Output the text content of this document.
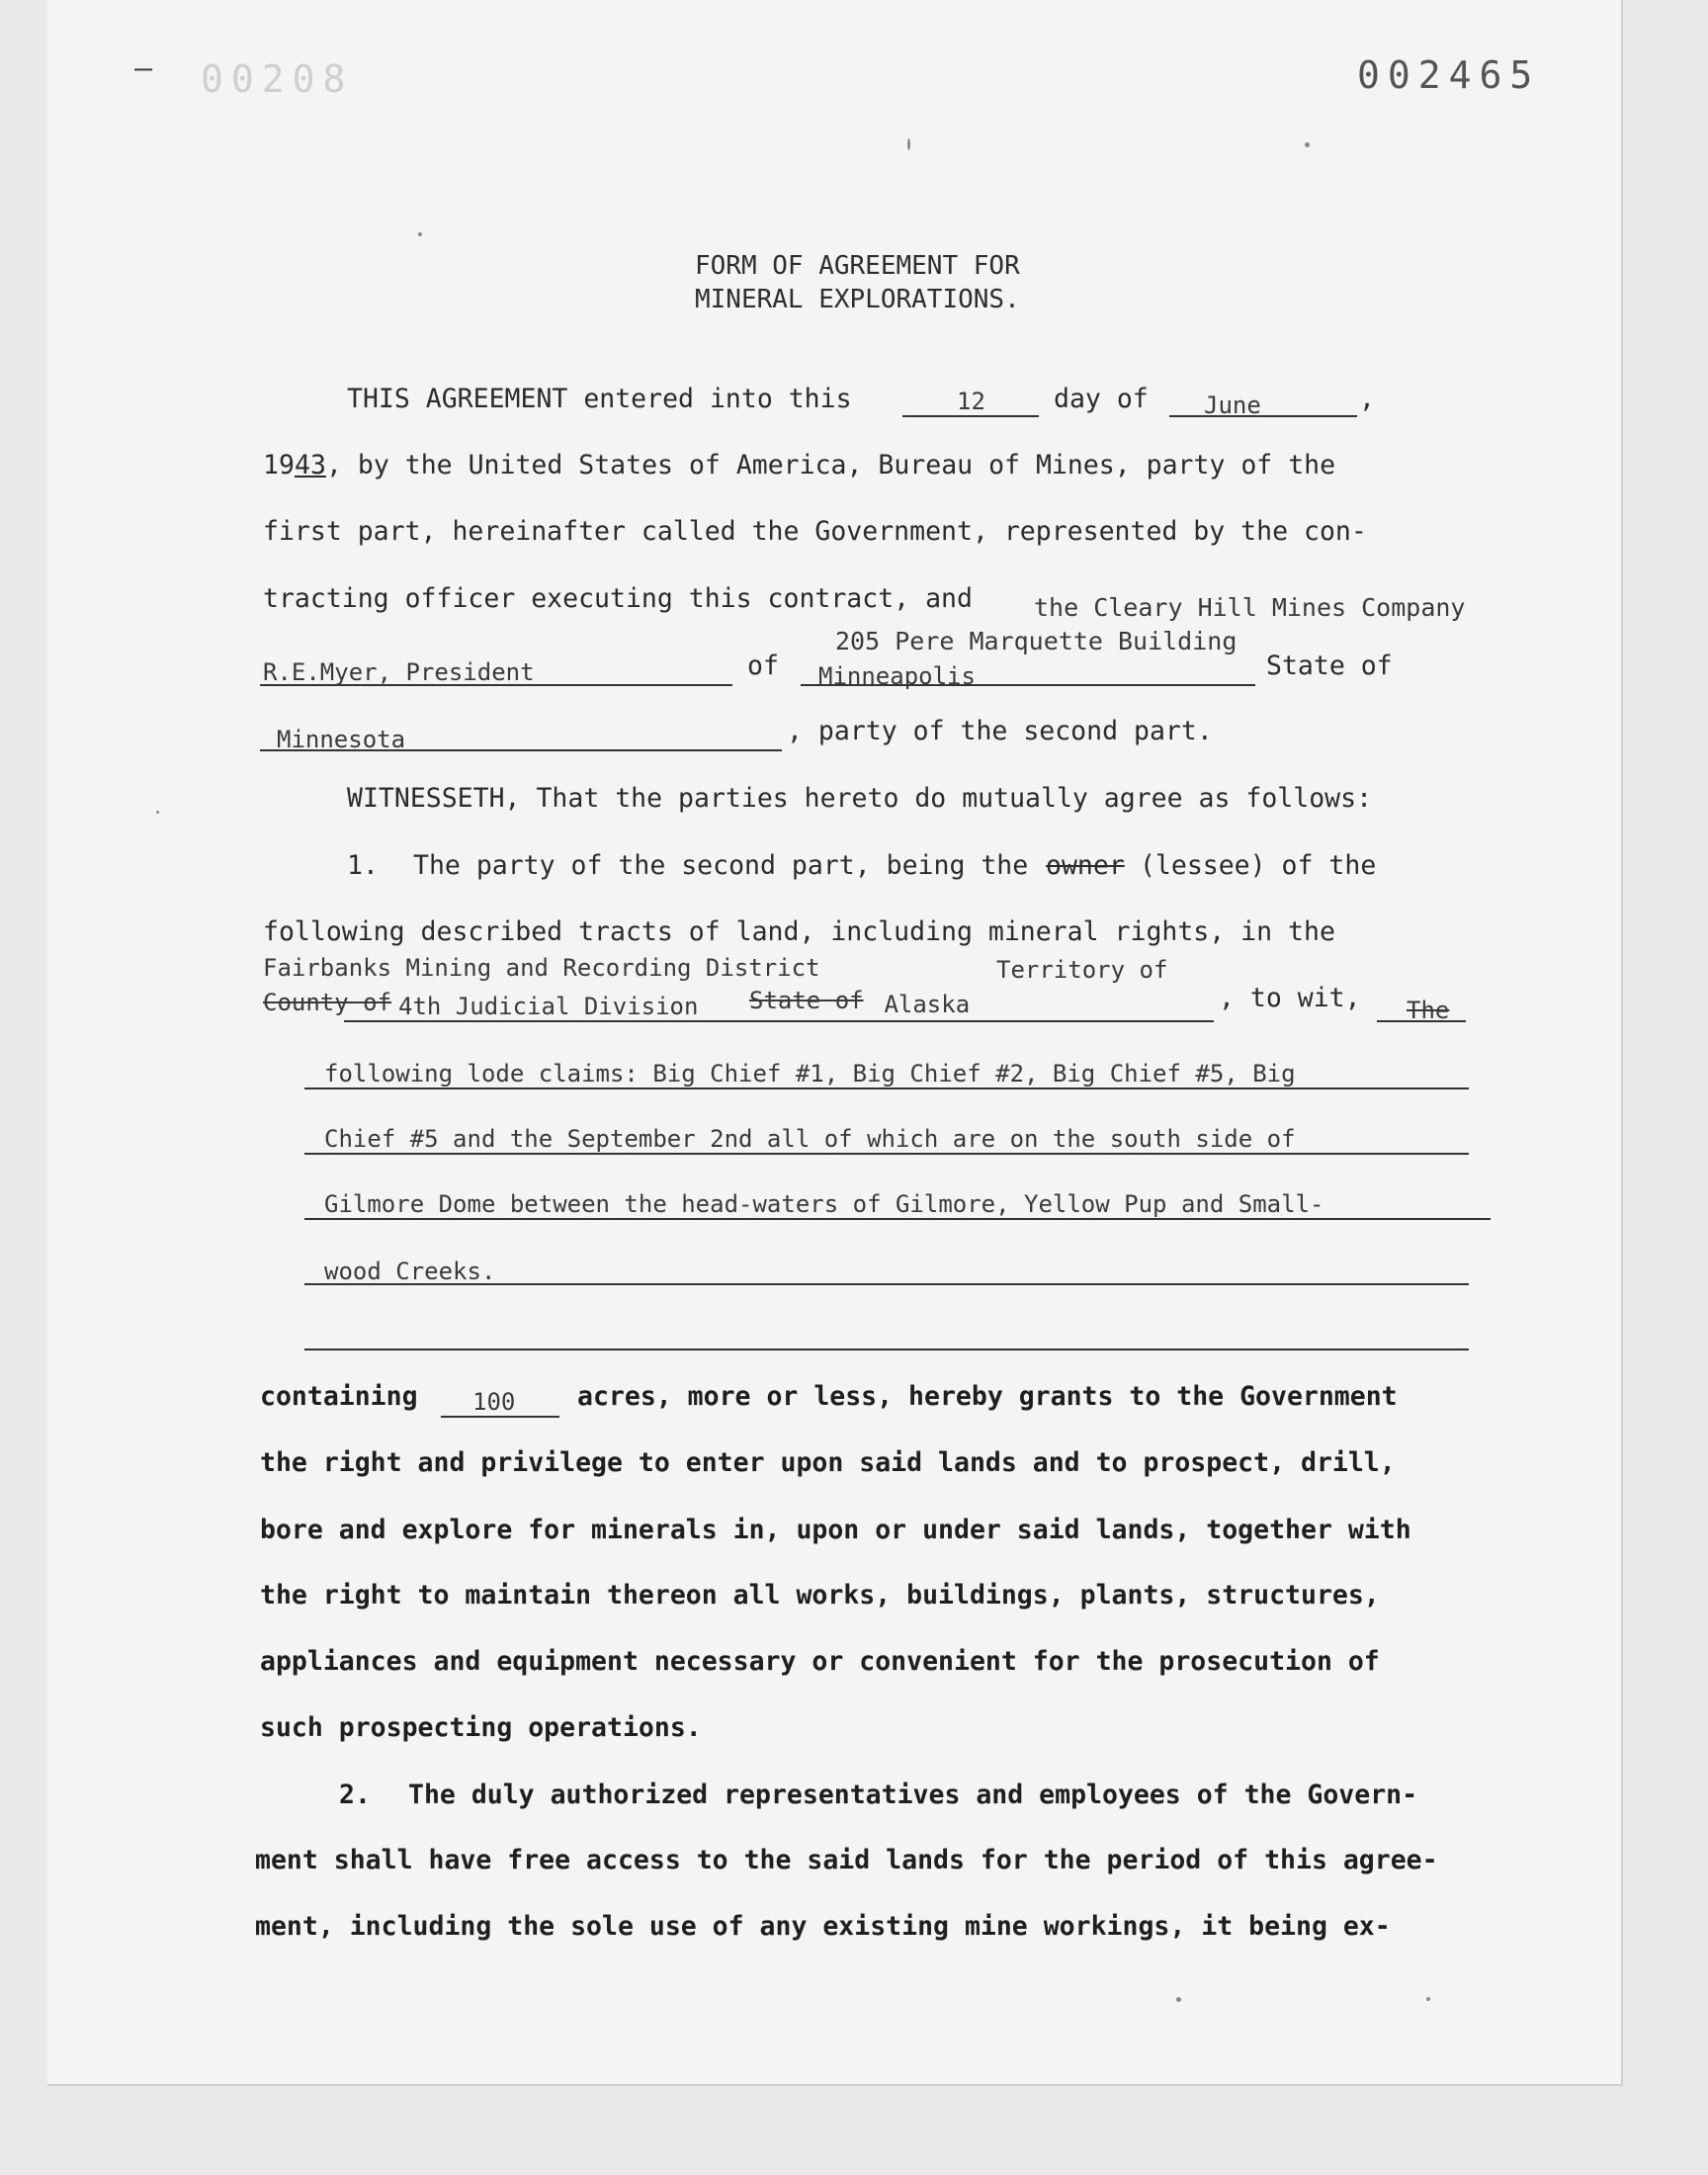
— 00208	002465
FORM OF AGREEMENT FOR
MINERAL EXPLORATIONS.
THIS AGREEMENT entered into this	12	day of June	,
19 43 , by the United States of America, Bureau of Mines, party of the
first part, hereinafter called the Government, represented by the con-
tracting officer executing this contract, and the Cleary Hill Mines Company
205 Pere Marquette Building
R.E.Myer, President	of Minneapolis	State of
Minnesota	, party of the second part.
WITNESSETH, That the parties hereto do mutually agree as follows:
1. The party of the second part, being the owner (lessee) of the
following described tracts of land, including mineral rights, in the
Fairbanks Mining and Recording District	Territory of
County of 4th Judicial Division State of Alaska	, to wit, The
following lode claims: Big Chief #1, Big Chief #2, Big Chief #5, Big
Chief #5 and the September 2nd all of which are on the south side of
Gilmore Dome between the head-waters of Gilmore, Yellow Pup and Small-
wood Creeks.
containing 100 acres, more or less, hereby grants to the Government
the right and privilege to enter upon said lands and to prospect, drill,
bore and explore for minerals in, upon or under said lands, together with
the right to maintain thereon all works, buildings, plants, structures,
appliances and equipment necessary or convenient for the prosecution of
such prospecting operations.
2. The duly authorized representatives and employees of the Govern-
ment shall have free access to the said lands for the period of this agree-
ment, including the sole use of any existing mine workings, it being ex-
